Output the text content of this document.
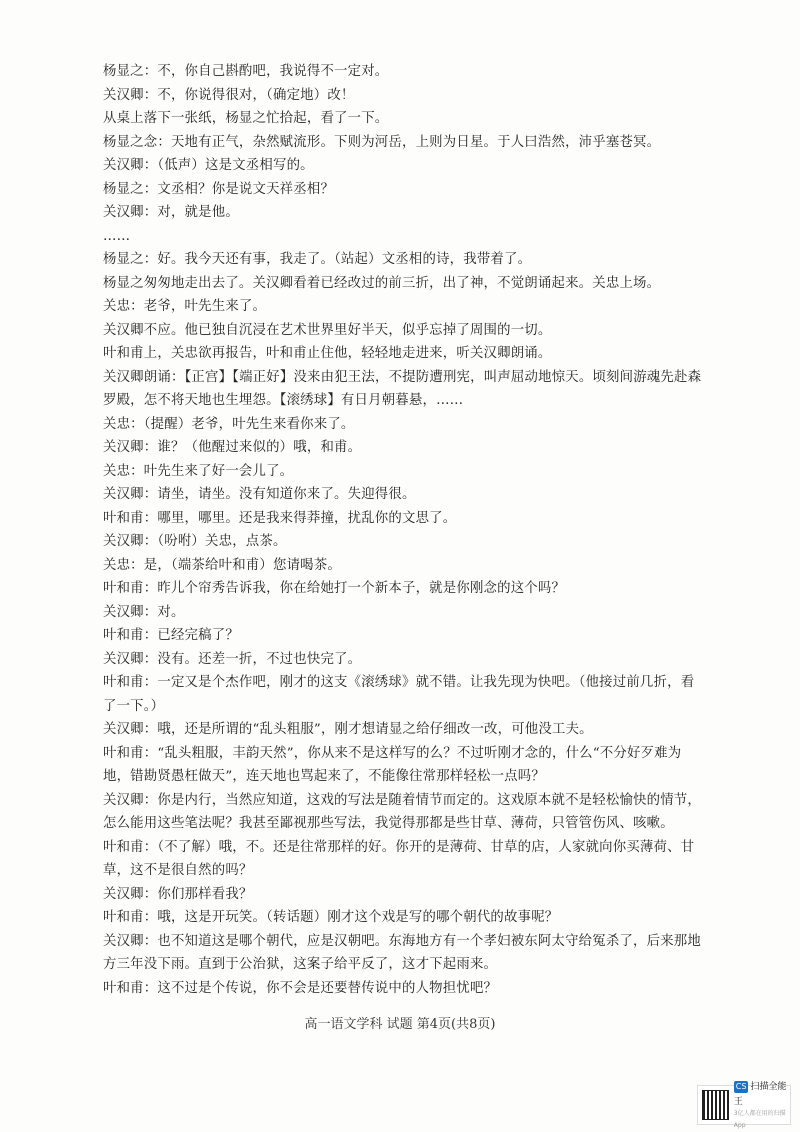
杨显之：不，你自己斟酌吧，我说得不一定对。

关汉卿：不，你说得很对，（确定地）改！

从桌上落下一张纸，杨显之忙拾起，看了一下。

杨显之念：天地有正气，杂然赋流形。下则为河岳，上则为日星。于人曰浩然，沛乎塞苍冥。

关汉卿：（低声）这是文丞相写的。

杨显之：文丞相？你是说文天祥丞相？

关汉卿：对，就是他。

……

杨显之：好。我今天还有事，我走了。（站起）文丞相的诗，我带着了。

杨显之匆匆地走出去了。关汉卿看着已经改过的前三折，出了神，不觉朗诵起来。关忠上场。

关忠：老爷，叶先生来了。

关汉卿不应。他已独自沉浸在艺术世界里好半天，似乎忘掉了周围的一切。

叶和甫上，关忠欲再报告，叶和甫止住他，轻轻地走进来，听关汉卿朗诵。

关汉卿朗诵：【正宫】【端正好】没来由犯王法，不提防遭刑宪，叫声屈动地惊天。顷刻间游魂先赴森罗殿，怎不将天地也生埋怨。【滚绣球】有日月朝暮悬，……

关忠：（提醒）老爷，叶先生来看你来了。

关汉卿：谁？（他醒过来似的）哦，和甫。

关忠：叶先生来了好一会儿了。

关汉卿：请坐，请坐。没有知道你来了。失迎得很。

叶和甫：哪里，哪里。还是我来得莽撞，扰乱你的文思了。

关汉卿：（吩咐）关忠，点茶。

关忠：是，（端茶给叶和甫）您请喝茶。

叶和甫：昨儿个帘秀告诉我，你在给她打一个新本子，就是你刚念的这个吗？

关汉卿：对。

叶和甫：已经完稿了？

关汉卿：没有。还差一折，不过也快完了。

叶和甫：一定又是个杰作吧，刚才的这支《滚绣球》就不错。让我先现为快吧。（他接过前几折，看了一下。）

关汉卿：哦，还是所谓的“乱头粗服”，刚才想请显之给仔细改一改，可他没工夫。

叶和甫：“乱头粗服，丰韵天然”，你从来不是这样写的么？不过听刚才念的，什么“不分好歹难为地，错勘贤愚枉做天”，连天地也骂起来了，不能像往常那样轻松一点吗？

关汉卿：你是内行，当然应知道，这戏的写法是随着情节而定的。这戏原本就不是轻松愉快的情节，怎么能用这些笔法呢？我甚至鄙视那些写法，我觉得那都是些甘草、薄荷，只管管伤风、咳嗽。

叶和甫：（不了解）哦，不。还是往常那样的好。你开的是薄荷、甘草的店，人家就向你买薄荷、甘草，这不是很自然的吗？

关汉卿：你们那样看我？

叶和甫：哦，这是开玩笑。（转话题）刚才这个戏是写的哪个朝代的故事呢？

关汉卿：也不知道这是哪个朝代，应是汉朝吧。东海地方有一个孝妇被东阿太守给冤杀了，后来那地方三年没下雨。直到于公治狱，这案子给平反了，这才下起雨来。

叶和甫：这不过是个传说，你不会是还要替传说中的人物担忧吧？

高一语文学科 试题 第4页(共8页)
CS 扫描全能王
3亿人都在用的扫描App
